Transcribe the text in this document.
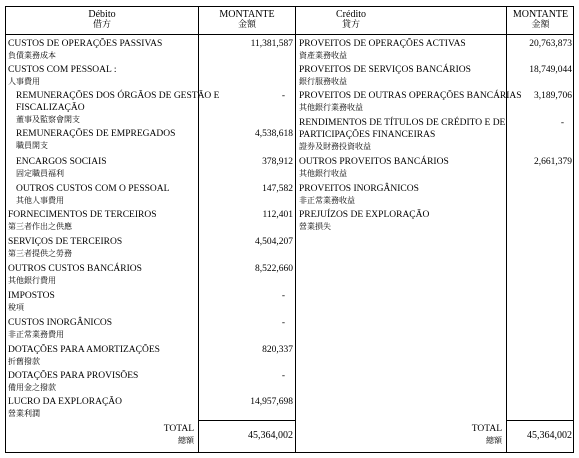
Débito
借方
MONTANTE
金額
Crédito
貸方
MONTANTE
金額
CUSTOS DE OPERAÇÕES PASSIVAS
負債業務成本
11,381,587
CUSTOS COM PESSOAL :
人事費用
REMUNERAÇÕES DOS ÓRGÃOS DE GESTÃO E
FISCALIZAÇÃO
董事及監察會開支
-
REMUNERAÇÕES DE EMPREGADOS
職員開支
4,538,618
ENCARGOS SOCIAIS
固定職員福利
378,912
OUTROS CUSTOS COM O PESSOAL
其他人事費用
147,582
FORNECIMENTOS DE TERCEIROS
第三者作出之供應
112,401
SERVIÇOS DE TERCEIROS
第三者提供之勞務
4,504,207
OUTROS CUSTOS BANCÁRIOS
其他銀行費用
8,522,660
IMPOSTOS
稅項
-
CUSTOS INORGÂNICOS
非正常業務費用
-
DOTAÇÕES PARA AMORTIZAÇÕES
折舊撥款
820,337
DOTAÇÕES PARA PROVISÕES
備用金之撥款
-
LUCRO DA EXPLORAÇÃO
營業利潤
14,957,698
PROVEITOS DE OPERAÇÕES ACTIVAS
資產業務收益
20,763,873
PROVEITOS DE SERVIÇOS BANCÁRIOS
銀行服務收益
18,749,044
PROVEITOS DE OUTRAS OPERAÇÕES BANCÁRIAS
其他銀行業務收益
3,189,706
RENDIMENTOS DE TÍTULOS DE CRÉDITO E DE
PARTICIPAÇÕES FINANCEIRAS
證券及財務投資收益
-
OUTROS PROVEITOS BANCÁRIOS
其他銀行收益
2,661,379
PROVEITOS INORGÂNICOS
非正常業務收益
PREJUÍZOS DE EXPLORAÇÃO
營業損失
TOTAL
總額	45,364,002
TOTAL
總額	45,364,002
